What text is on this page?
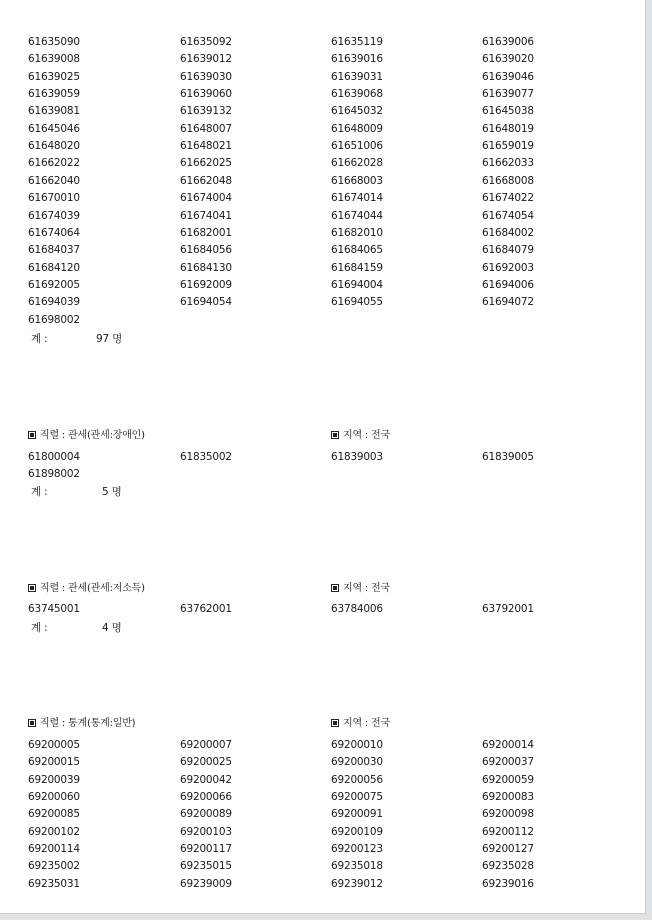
61635090	61635092	61635119	61639006
61639008	61639012	61639016	61639020
61639025	61639030	61639031	61639046
61639059	61639060	61639068	61639077
61639081	61639132	61645032	61645038
61645046	61648007	61648009	61648019
61648020	61648021	61651006	61659019
61662022	61662025	61662028	61662033
61662040	61662048	61668003	61668008
61670010	61674004	61674014	61674022
61674039	61674041	61674044	61674054
61674064	61682001	61682010	61684002
61684037	61684056	61684065	61684079
61684120	61684130	61684159	61692003
61692005	61692009	61694004	61694006
61694039	61694054	61694055	61694072
61698002
계 :	97 명
직렬 : 관세(관세:장애인)	지역 : 전국
61800004	61835002	61839003	61839005
61898002
계 :	5 명
직렬 : 관세(관세:저소득)	지역 : 전국
63745001	63762001	63784006	63792001
계 :	4 명
직렬 : 통계(통계:일반)	지역 : 전국
69200005	69200007	69200010	69200014
69200015	69200025	69200030	69200037
69200039	69200042	69200056	69200059
69200060	69200066	69200075	69200083
69200085	69200089	69200091	69200098
69200102	69200103	69200109	69200112
69200114	69200117	69200123	69200127
69235002	69235015	69235018	69235028
69235031	69239009	69239012	69239016
